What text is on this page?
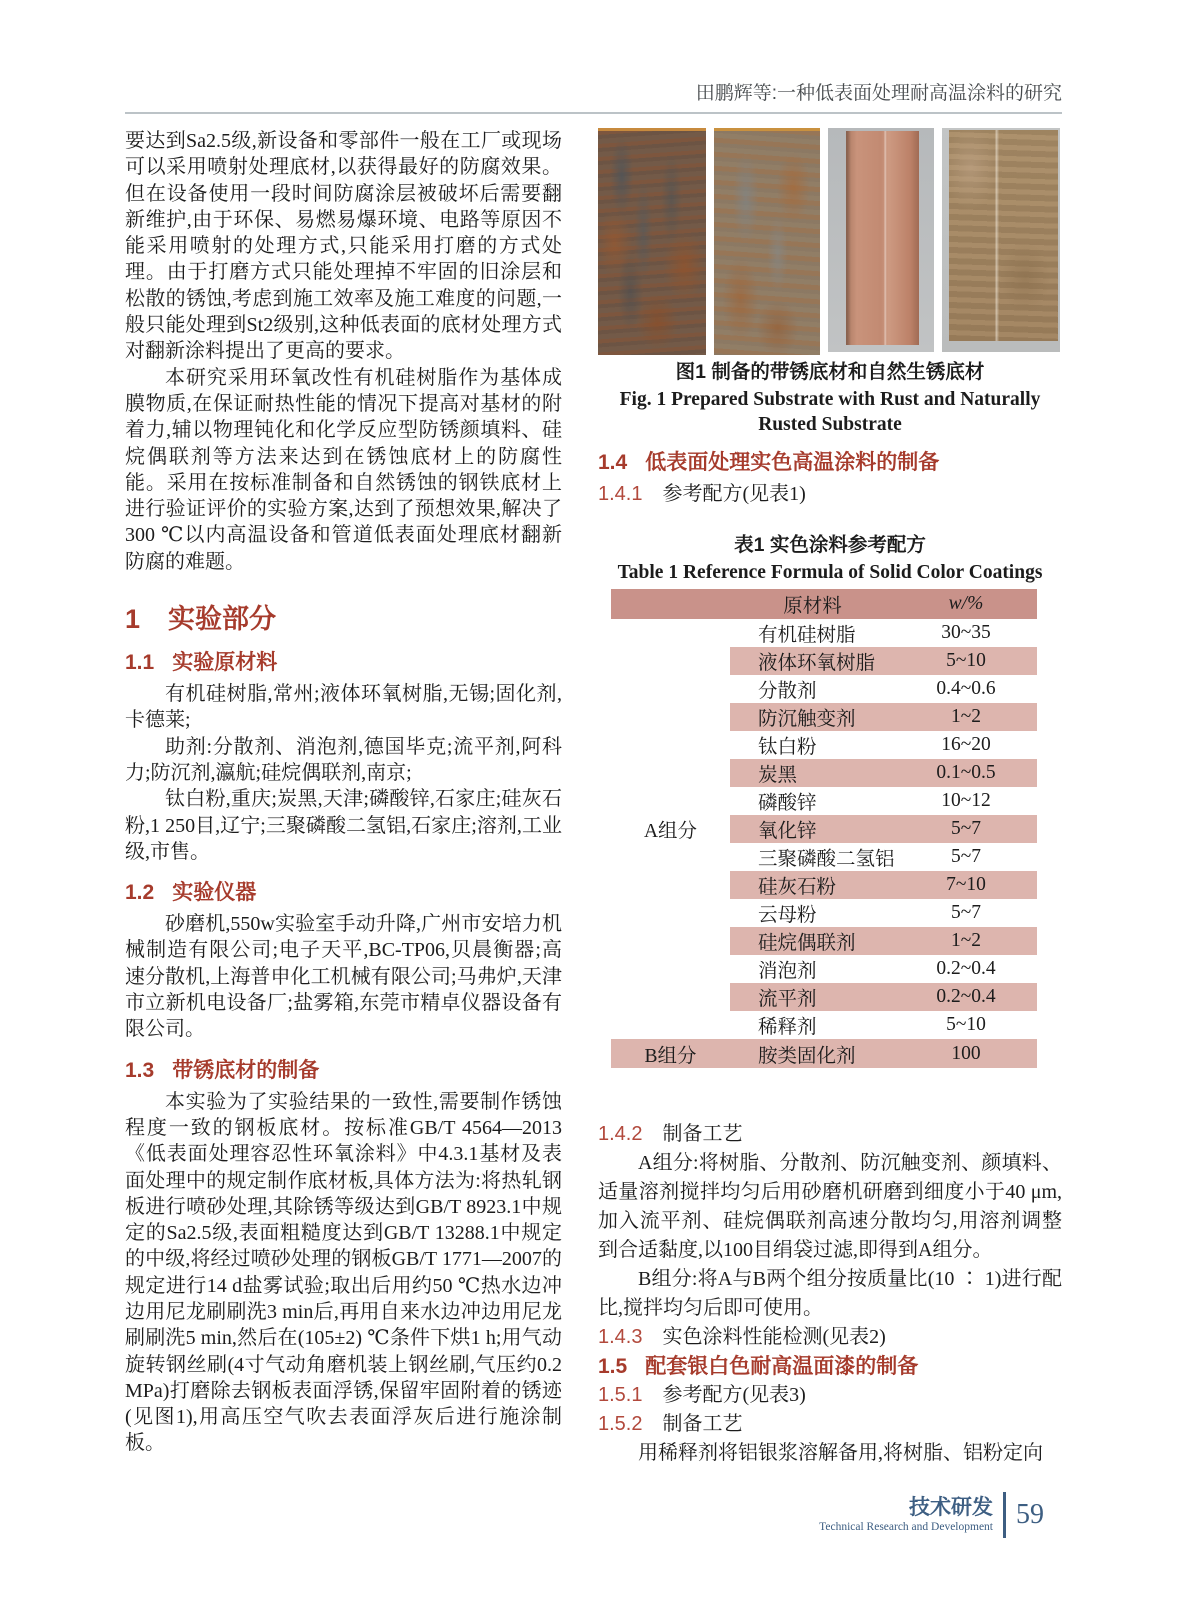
田鹏辉等:一种低表面处理耐高温涂料的研究

要达到Sa2.5级,新设备和零部件一般在工厂或现场可以采用喷射处理底材,以获得最好的防腐效果。但在设备使用一段时间防腐涂层被破坏后需要翻新维护,由于环保、易燃易爆环境、电路等原因不能采用喷射的处理方式,只能采用打磨的方式处理。由于打磨方式只能处理掉不牢固的旧涂层和松散的锈蚀,考虑到施工效率及施工难度的问题,一般只能处理到St2级别,这种低表面的底材处理方式对翻新涂料提出了更高的要求。

本研究采用环氧改性有机硅树脂作为基体成膜物质,在保证耐热性能的情况下提高对基材的附着力,辅以物理钝化和化学反应型防锈颜填料、硅烷偶联剂等方法来达到在锈蚀底材上的防腐性能。采用在按标准制备和自然锈蚀的钢铁底材上进行验证评价的实验方案,达到了预想效果,解决了300 ℃以内高温设备和管道低表面处理底材翻新防腐的难题。

1 实验部分
1.1 实验原材料

有机硅树脂,常州;液体环氧树脂,无锡;固化剂,卡德莱;

助剂:分散剂、消泡剂,德国毕克;流平剂,阿科力;防沉剂,瀛航;硅烷偶联剂,南京;

钛白粉,重庆;炭黑,天津;磷酸锌,石家庄;硅灰石粉,1 250目,辽宁;三聚磷酸二氢铝,石家庄;溶剂,工业级,市售。

1.2 实验仪器

砂磨机,550w实验室手动升降,广州市安培力机械制造有限公司;电子天平,BC-TP06,贝晨衡器;高速分散机,上海普申化工机械有限公司;马弗炉,天津市立新机电设备厂;盐雾箱,东莞市精卓仪器设备有限公司。

1.3 带锈底材的制备

本实验为了实验结果的一致性,需要制作锈蚀程度一致的钢板底材。按标准GB/T 4564—2013《低表面处理容忍性环氧涂料》中4.3.1基材及表面处理中的规定制作底材板,具体方法为:将热轧钢板进行喷砂处理,其除锈等级达到GB/T 8923.1中规定的Sa2.5级,表面粗糙度达到GB/T 13288.1中规定的中级,将经过喷砂处理的钢板GB/T 1771—2007的规定进行14 d盐雾试验;取出后用约50 ℃热水边冲边用尼龙刷刷洗3 min后,再用自来水边冲边用尼龙刷刷洗5 min,然后在(105±2) ℃条件下烘1 h;用气动旋转钢丝刷(4寸气动角磨机装上钢丝刷,气压约0.2 MPa)打磨除去钢板表面浮锈,保留牢固附着的锈迹(见图1),用高压空气吹去表面浮灰后进行施涂制板。

图1 制备的带锈底材和自然生锈底材
Fig. 1 Prepared Substrate with Rust and Naturally Rusted Substrate
1.4 低表面处理实色高温涂料的制备
1.4.1 参考配方(见表1)
表1 实色涂料参考配方
Table 1 Reference Formula of Solid Color Coatings
原材料	w/%
A组分
有机硅树脂	30~35
液体环氧树脂	5~10
分散剂	0.4~0.6
防沉触变剂	1~2
钛白粉	16~20
炭黑	0.1~0.5
磷酸锌	10~12
氧化锌	5~7
三聚磷酸二氢铝	5~7
硅灰石粉	7~10
云母粉	5~7
硅烷偶联剂	1~2
消泡剂	0.2~0.4
流平剂	0.2~0.4
稀释剂	5~10
B组分	胺类固化剂	100
1.4.2 制备工艺

A组分:将树脂、分散剂、防沉触变剂、颜填料、适量溶剂搅拌均匀后用砂磨机研磨到细度小于40 μm,加入流平剂、硅烷偶联剂高速分散均匀,用溶剂调整到合适黏度,以100目绢袋过滤,即得到A组分。

B组分:将A与B两个组分按质量比(10 ∶ 1)进行配比,搅拌均匀后即可使用。

1.4.3 实色涂料性能检测(见表2)
1.5 配套银白色耐高温面漆的制备
1.5.1 参考配方(见表3)
1.5.2 制备工艺

用稀释剂将铝银浆溶解备用,将树脂、铝粉定向

技术研发
Technical Research and Development 59
